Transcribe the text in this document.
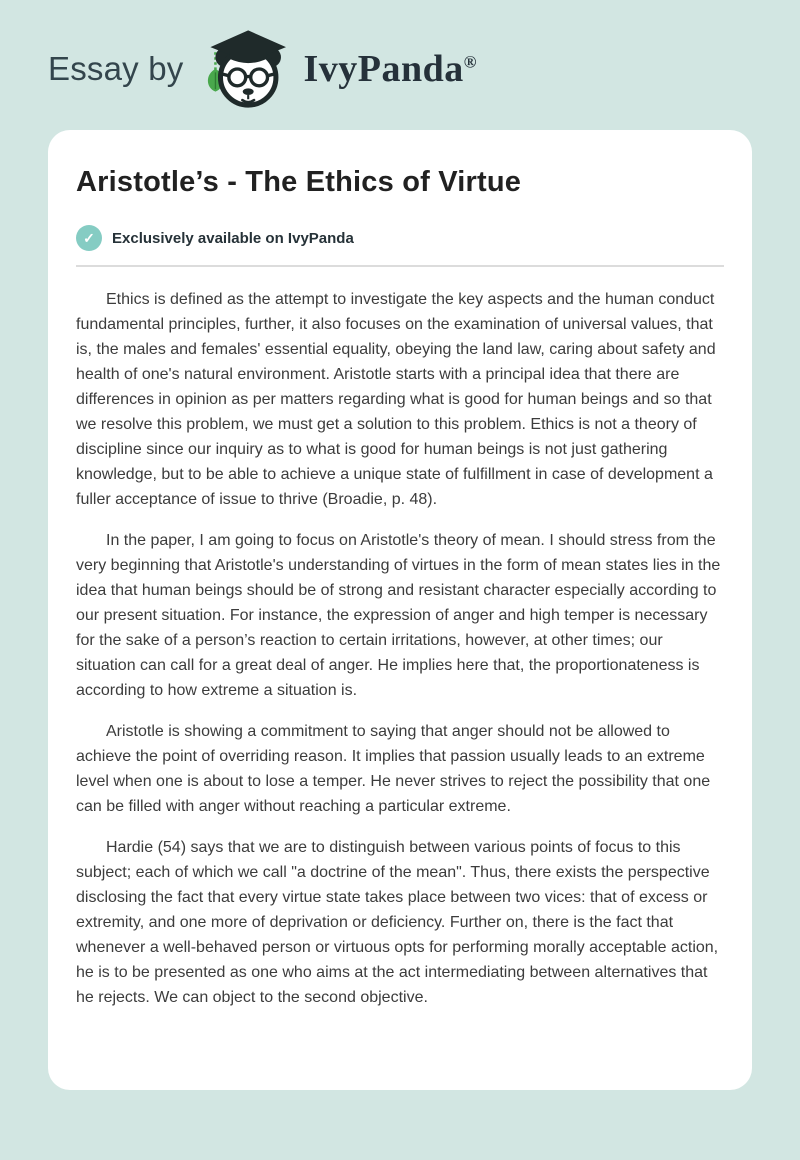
Essay by	IvyPanda®
Aristotle’s - The Ethics of Virtue
✓	Exclusively available on IvyPanda

Ethics is defined as the attempt to investigate the key aspects and the human conduct fundamental principles, further, it also focuses on the examination of universal values, that is, the males and females' essential equality, obeying the land law, caring about safety and health of one's natural environment. Aristotle starts with a principal idea that there are differences in opinion as per matters regarding what is good for human beings and so that we resolve this problem, we must get a solution to this problem. Ethics is not a theory of discipline since our inquiry as to what is good for human beings is not just gathering knowledge, but to be able to achieve a unique state of fulfillment in case of development a fuller acceptance of issue to thrive (Broadie, p. 48).

In the paper, I am going to focus on Aristotle's theory of mean. I should stress from the very beginning that Aristotle's understanding of virtues in the form of mean states lies in the idea that human beings should be of strong and resistant character especially according to our present situation. For instance, the expression of anger and high temper is necessary for the sake of a person’s reaction to certain irritations, however, at other times; our situation can call for a great deal of anger. He implies here that, the proportionateness is according to how extreme a situation is.

Aristotle is showing a commitment to saying that anger should not be allowed to achieve the point of overriding reason. It implies that passion usually leads to an extreme level when one is about to lose a temper. He never strives to reject the possibility that one can be filled with anger without reaching a particular extreme.

Hardie (54) says that we are to distinguish between various points of focus to this subject; each of which we call "a doctrine of the mean". Thus, there exists the perspective disclosing the fact that every virtue state takes place between two vices: that of excess or extremity, and one more of deprivation or deficiency. Further on, there is the fact that whenever a well-behaved person or virtuous opts for performing morally acceptable action, he is to be presented as one who aims at the act intermediating between alternatives that he rejects. We can object to the second objective.
